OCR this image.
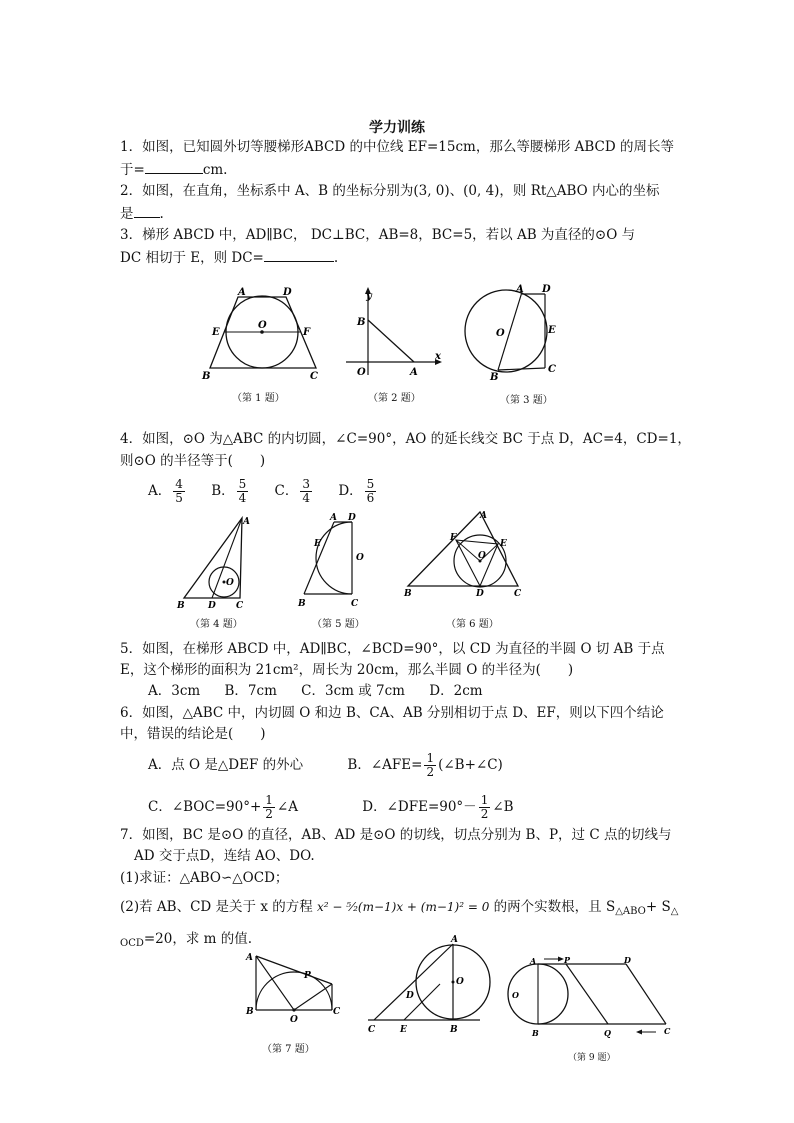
学力训练
1．如图，已知圆外切等腰梯形ABCD 的中位线 EF=15cm，那么等腰梯形 ABCD 的周长等
于=	cm.
2．如图，在直角，坐标系中 A、B 的坐标分别为(3, 0)、(0, 4)，则 Rt△ABO 内心的坐标
是 .
3．梯形 ABCD 中，AD∥BC， DC⊥BC，AB=8，BC=5，若以 AB 为直径的⊙O 与
DC 相切于 E，则 DC=	.
A	D
E
O
F
B	C
（第 1 题）
y
B
O	A
x
（第 2 题）
A D
O	E
B
C
（第 3 题）
4．如图，⊙O 为△ABC 的内切圆，∠C=90°，AO 的延长线交 BC 于点 D，AC=4，CD=1，
则⊙O 的半径等于(　　)
A． $\frac{4}{5}$ B． $\frac{5}{4}$ C． $\frac{3}{4}$ D． $\frac{5}{6}$
A
O
B	D C
（第 4 题）
A D
E
O
B	C
（第 5 题）
A
F
O
E
B	D	C
（第 6 题）
5．如图，在梯形 ABCD 中，AD∥BC，∠BCD=90°，以 CD 为直径的半圆 O 切 AB 于点
E，这个梯形的面积为 21cm²，周长为 20cm，那么半圆 O 的半径为(　　)
A．3cm B．7cm C．3cm 或 7cm D．2cm
6．如图，△ABC 中，内切圆 O 和边 B、CA、AB 分别相切于点 D、EF，则以下四个结论
中，错误的结论是(　　)
A．点 O 是△DEF 的外心	B．∠AFE= $\frac{1}{2}$ (∠B+∠C)
C．∠BOC=90°+ $\frac{1}{2}$ ∠A	D．∠DFE=90°－ $\frac{1}{2}$ ∠B
7．如图，BC 是⊙O 的直径，AB、AD 是⊙O 的切线，切点分别为 B、P，过 C 点的切线与
AD 交于点D，连结 AO、DO.
(1)求证：△ABO∽△OCD；
(2)若 AB、CD 是关于 x 的方程 x² − ⁵⁄₂(m−1)x + (m−1)² = 0 的两个实数根，且 $S_{\triangle ABO}+ S_\triangle$
$_{OCD}$=20，求 m 的值.
A
P
B
O
C
（第 7 题）
A
O
D
C	E	B
A	P	D
O
B	Q	C
（第 9 题）
